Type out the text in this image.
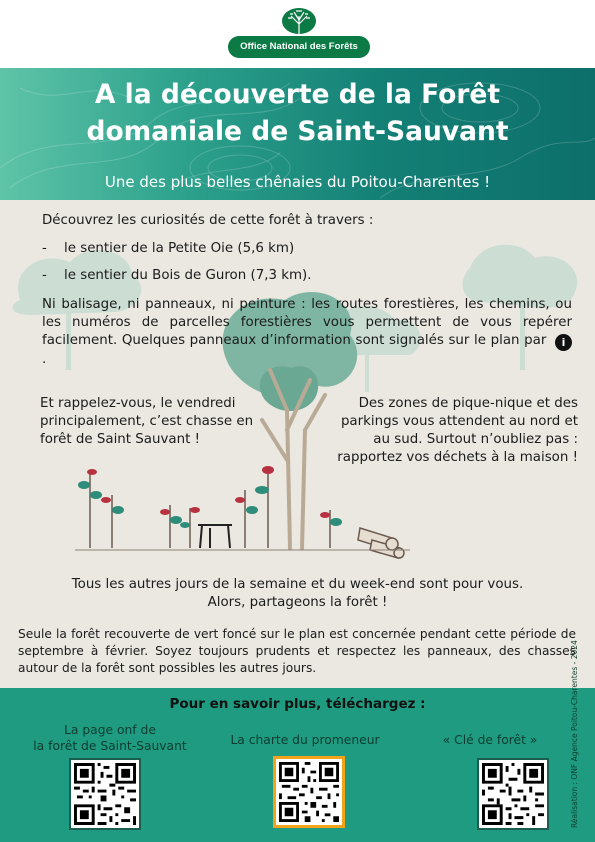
Office National des Forêts
A la découverte de la Forêt
domaniale de Saint-Sauvant
Une des plus belles chênaies du Poitou-Charentes !
Découvrez les curiosités de cette forêt à travers :
- le sentier de la Petite Oie (5,6 km)
- le sentier du Bois de Guron (7,3 km).
Ni balisage, ni panneaux, ni peinture : les routes forestières, les chemins, ou les numéros de parcelles forestières vous permettent de vous repérer facilement. Quelques panneaux d’information sont signalés sur le plan par i.
Et rappelez-vous, le vendredi principalement, c’est chasse en forêt de Saint Sauvant !
Des zones de pique-nique et des parkings vous attendent au nord et au sud. Surtout n’oubliez pas : rapportez vos déchets à la maison !
Tous les autres jours de la semaine et du week-end sont pour vous.
Alors, partageons la forêt !
Seule la forêt recouverte de vert foncé sur le plan est concernée pendant cette période de septembre à février. Soyez toujours prudents et respectez les panneaux, des chasses autour de la forêt sont possibles les autres jours.
Pour en savoir plus, téléchargez :
La page onf de
la forêt de Saint-Sauvant	La charte du promeneur	« Clé de forêt »	Réalisation : ONF Agence Poitou-Charentes - 2024
